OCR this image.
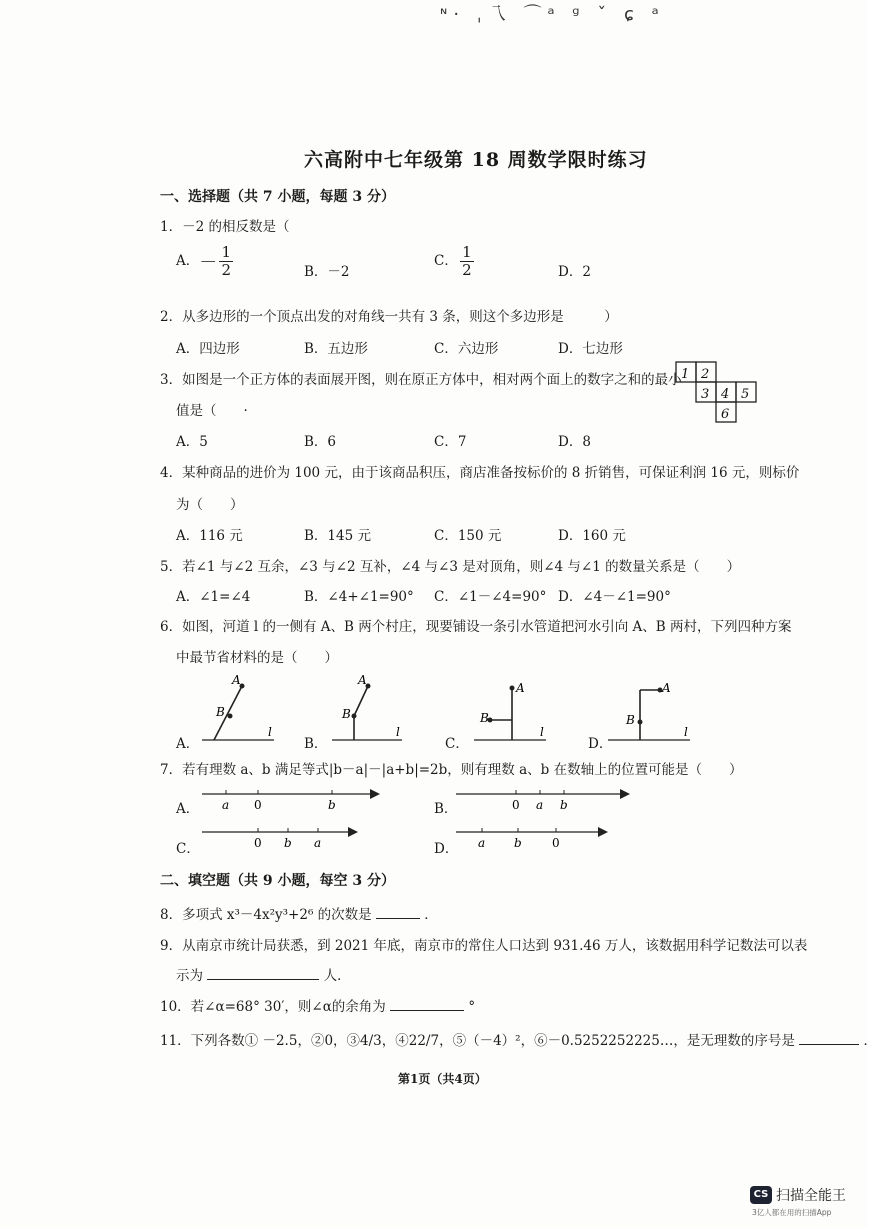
ᶰ· ˌ乁 ⌒ᵃ ᵍ ˇ ɕ ᵃ
六高附中七年级第 18 周数学限时练习
一、选择题（共 7 小题，每题 3 分）
1．－2 的相反数是（
A．－ $\frac{1}{2}$	B．－2
C． $\frac{1}{2}$	D．2
2．从多边形的一个顶点出发的对角线一共有 3 条，则这个多边形是　　　）
A．四边形	B．五边形	C．六边形	D．七边形
3．如图是一个正方体的表面展开图，则在原正方体中，相对两个面上的数字之和的最小
值是（　　·
1 2
3 4 5
6
A．5	B．6	C．7	D．8
4．某种商品的进价为 100 元，由于该商品积压，商店准备按标价的 8 折销售，可保证利润 16 元，则标价
为（　　）
A．116 元	B．145 元	C．150 元	D．160 元
5．若∠1 与∠2 互余，∠3 与∠2 互补，∠4 与∠3 是对顶角，则∠4 与∠1 的数量关系是（　　）
A．∠1=∠4	B．∠4+∠1=90° C．∠1－∠4=90° D．∠4－∠1=90°
6．如图，河道 l 的一侧有 A、B 两个村庄，现要铺设一条引水管道把河水引向 A、B 两村，下列四种方案
中最节省材料的是（　　）
A．
A
B
l
B．
A
B
l
C．
A
B
l
D．
A
B
l
7．若有理数 a、b 满足等式|b－a|－|a+b|=2b，则有理数 a、b 在数轴上的位置可能是（　　）
A． a 0	b	B．	0 a b
C．	0 b a	D． a b	0
二、填空题（共 9 小题，每空 3 分）
8．多项式 x³－4x²y³+2⁶ 的次数是	．
9．从南京市统计局获悉，到 2021 年底，南京市的常住人口达到 931.46 万人，该数据用科学记数法可以表
示为	人．
10．若∠α=68° 30′，则∠α的余角为	°
11．下列各数① －2.5，②0，③4/3，④22/7，⑤（－4）²，⑥－0.5252252225…，是无理数的序号是	．
第1页（共4页）
CS 扫描全能王
3亿人都在用的扫描App
